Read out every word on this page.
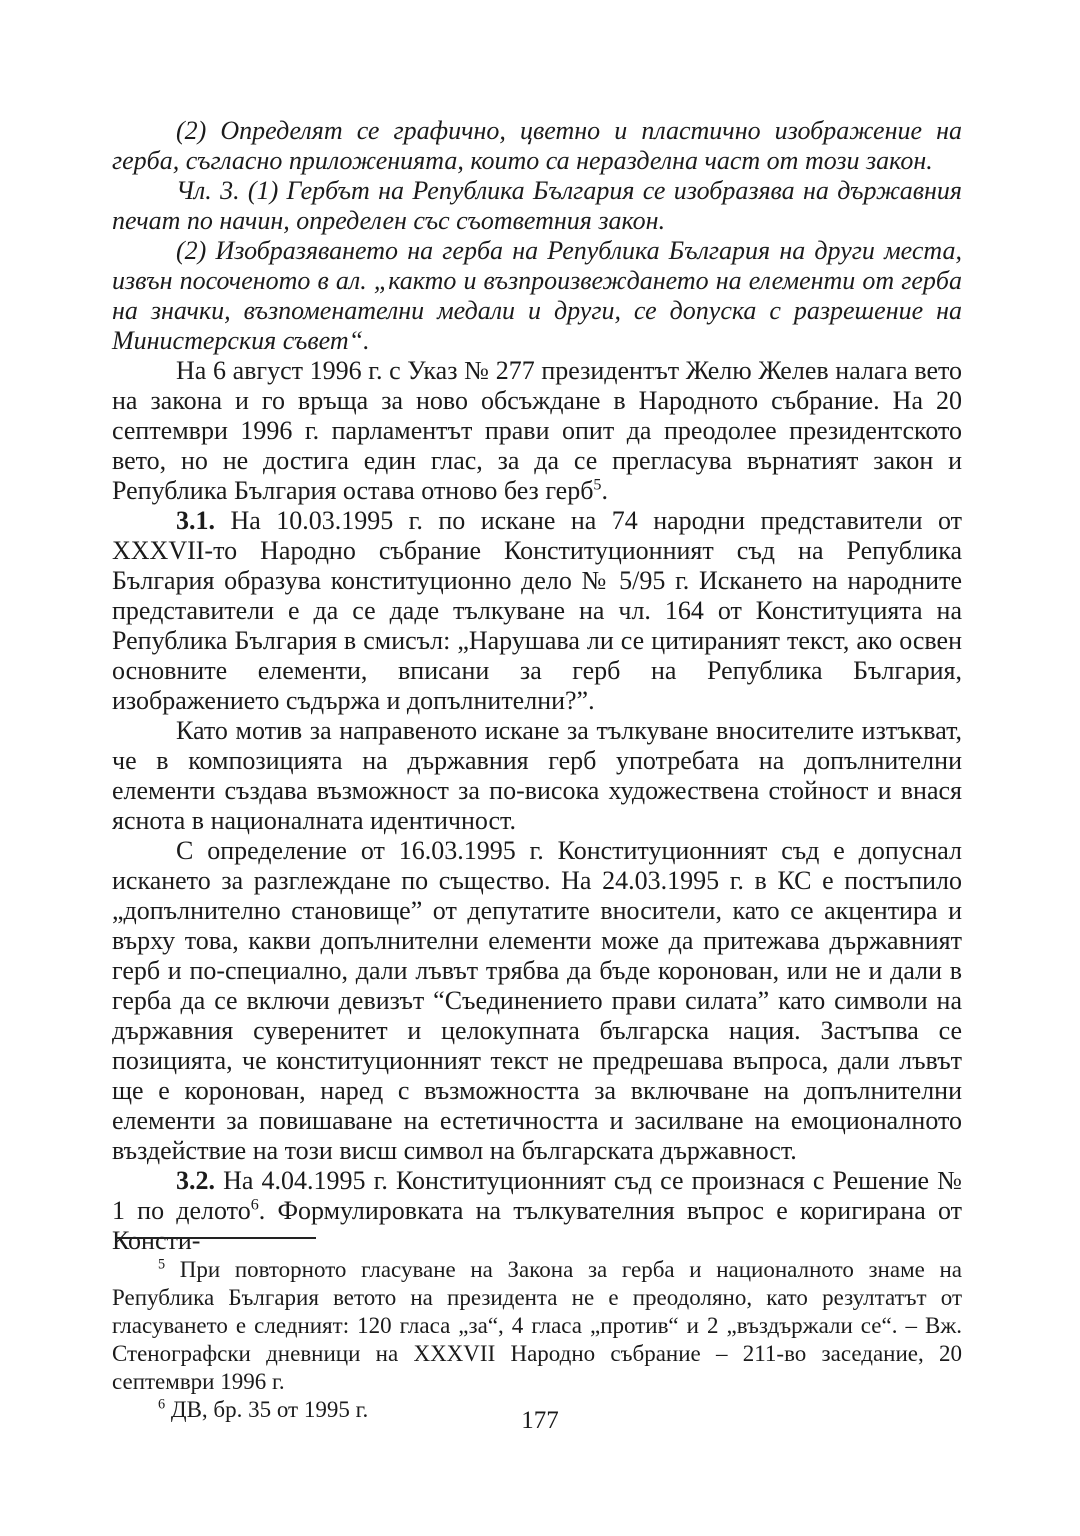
(2) Определят се графично, цветно и пластично изображение на герба, съгласно приложенията, които са неразделна част от този закон.

Чл. 3. (1) Гербът на Република България се изобразява на държавния печат по начин, определен със съответния закон.

(2) Изобразяването на герба на Република България на други места, извън посоченото в ал. „както и възпроизвеждането на елементи от герба на значки, възпоменателни медали и други, се допуска с разрешение на Министерския съвет“.

На 6 август 1996 г. с Указ № 277 президентът Желю Желев налага вето на закона и го връща за ново обсъждане в Народното събрание. На 20 септември 1996 г. парламентът прави опит да преодолее президентското вето, но не достига един глас, за да се прегласува върнатият закон и Република България остава отново без герб$^5$.

3.1. На 10.03.1995 г. по искане на 74 народни представители от XXXVII-то Народно събрание Конституционният съд на Република България образува конституционно дело № 5/95 г. Искането на народните представители е да се даде тълкуване на чл. 164 от Конституцията на Република България в смисъл: „Нарушава ли се цитираният текст, ако освен основните елементи, вписани за герб на Република България, изображението съдържа и допълнителни?”.

Като мотив за направеното искане за тълкуване вносителите изтъкват, че в композицията на държавния герб употребата на допълнителни елементи създава възможност за по-висока художествена стойност и внася яснота в националната идентичност.

С определение от 16.03.1995 г. Конституционният съд е допуснал искането за разглеждане по същество. На 24.03.1995 г. в КС е постъпило „допълнително становище” от депутатите вносители, като се акцентира и върху това, какви допълнителни елементи може да притежава държавният герб и по-специално, дали лъвът трябва да бъде коронован, или не и дали в герба да се включи девизът “Съединението прави силата” като символи на държавния суверенитет и целокупната българска нация. Застъпва се позицията, че конституционният текст не предрешава въпроса, дали лъвът ще е коронован, наред с възможността за включване на допълнителни елементи за повишаване на естетичността и засилване на емоционалното въздействие на този висш символ на българската държавност.

3.2. На 4.04.1995 г. Конституционният съд се произнася с Решение № 1 по делото$^6$. Формулировката на тълкувателния въпрос е коригирана от Консти-

$^5$ При повторното гласуване на Закона за герба и националното знаме на Република България ветото на президента не е преодоляно, като резултатът от гласуването е следният: 120 гласа „за“, 4 гласа „против“ и 2 „въздържали се“. – Вж. Стенографски дневници на XXXVII Народно събрание – 211-во заседание, 20 септември 1996 г.

$^6$ ДВ, бр. 35 от 1995 г.	177
